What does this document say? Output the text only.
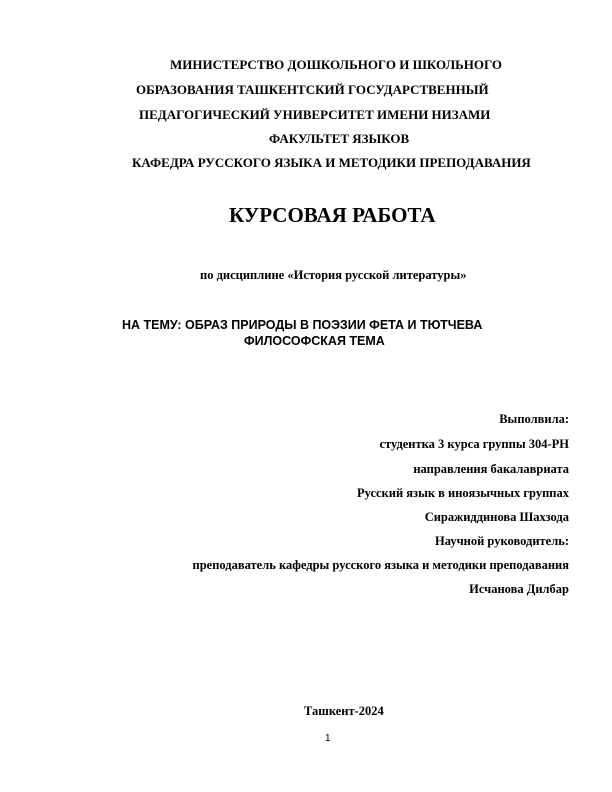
МИНИСТЕРСТВО ДОШКОЛЬНОГО И ШКОЛЬНОГО
ОБРАЗОВАНИЯ ТАШКЕНТСКИЙ ГОСУДАРСТВЕННЫЙ
ПЕДАГОГИЧЕСКИЙ УНИВЕРСИТЕТ ИМЕНИ НИЗАМИ
ФАКУЛЬТЕТ ЯЗЫКОВ
КАФЕДРА РУССКОГО ЯЗЫКА И МЕТОДИКИ ПРЕПОДАВАНИЯ
КУРСОВАЯ РАБОТА
по дисциплине «История русской литературы»
НА ТЕМУ: ОБРАЗ ПРИРОДЫ В ПОЭЗИИ ФЕТА И ТЮТЧЕВА
ФИЛОСОФСКАЯ ТЕМА
Выполвила:
студентка 3 курса группы 304-РН
направления бакалавриата
Русский язык в иноязычных группах
Сиражиддинова Шахзода
Научной руководитель:
преподаватель кафедры русского языка и методики преподавания
Исчанова Дилбар
Ташкент-2024
1
